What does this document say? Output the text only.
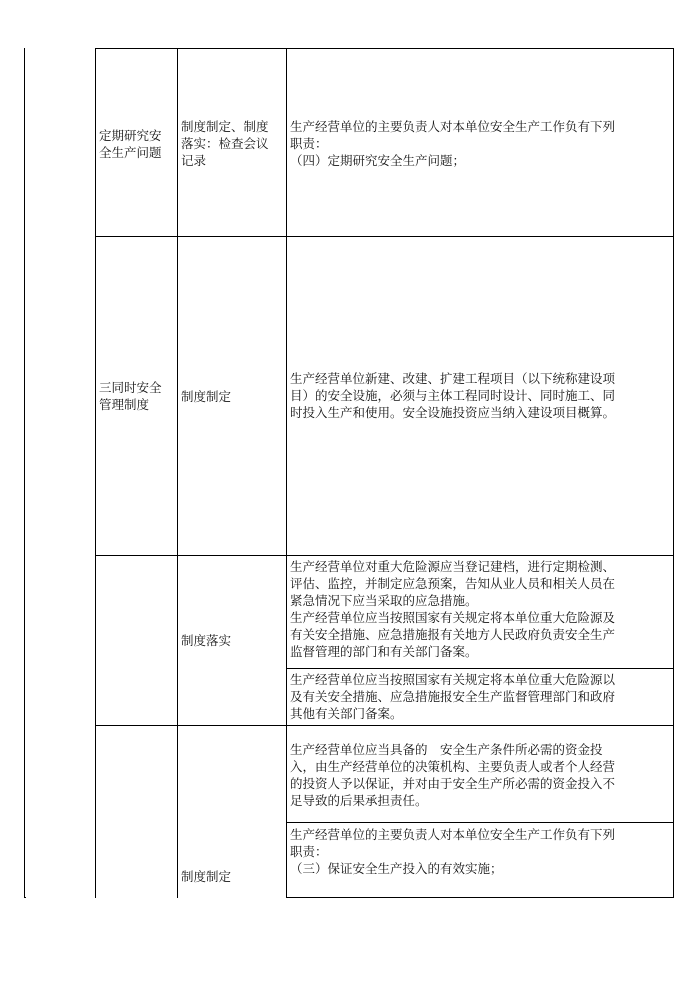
定期研究安
全生产问题
制度制定、制度
落实：检查会议
记录
生产经营单位的主要负责人对本单位安全生产工作负有下列
职责：
（四）定期研究安全生产问题；
三同时安全
管理制度
制度制定
生产经营单位新建、改建、扩建工程项目（以下统称建设项
目）的安全设施，必须与主体工程同时设计、同时施工、同
时投入生产和使用。安全设施投资应当纳入建设项目概算。
制度落实
生产经营单位对重大危险源应当登记建档，进行定期检测、
评估、监控，并制定应急预案，告知从业人员和相关人员在
紧急情况下应当采取的应急措施。
生产经营单位应当按照国家有关规定将本单位重大危险源及
有关安全措施、应急措施报有关地方人民政府负责安全生产
监督管理的部门和有关部门备案。
生产经营单位应当按照国家有关规定将本单位重大危险源以
及有关安全措施、应急措施报安全生产监督管理部门和政府
其他有关部门备案。
制度制定
生产经营单位应当具备的　安全生产条件所必需的资金投
入，由生产经营单位的决策机构、主要负责人或者个人经营
的投资人予以保证，并对由于安全生产所必需的资金投入不
足导致的后果承担责任。
生产经营单位的主要负责人对本单位安全生产工作负有下列
职责：
（三）保证安全生产投入的有效实施；
